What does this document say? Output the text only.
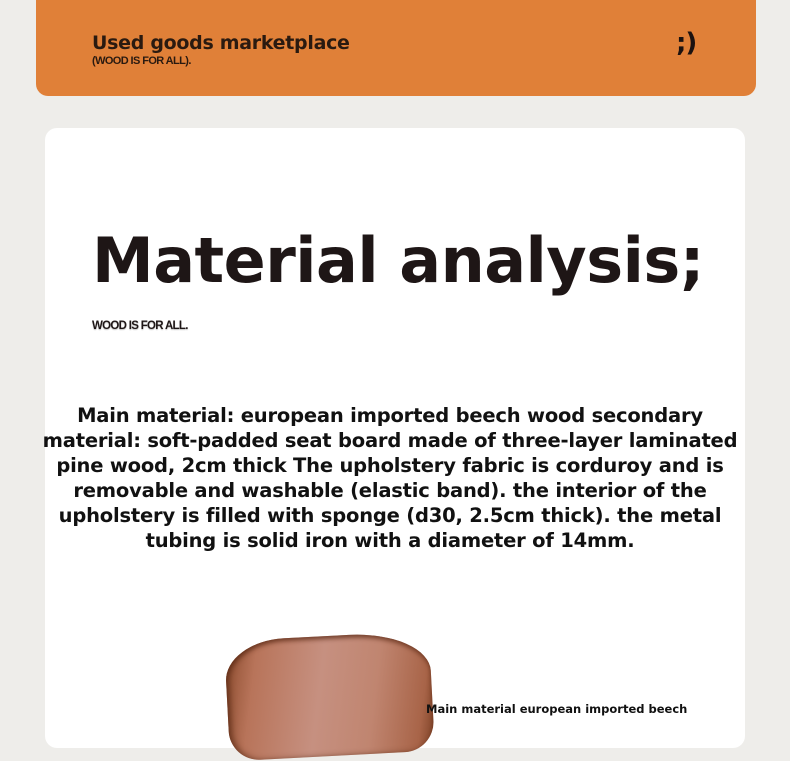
Used goods marketplace
(WOOD IS FOR ALL).
;)
Material analysis;
WOOD IS FOR ALL.
Main material: european imported beech wood secondary material: soft-padded seat board made of three-layer laminated pine wood, 2cm thick The upholstery fabric is corduroy and is removable and washable (elastic band). the interior of the upholstery is filled with sponge (d30, 2.5cm thick). the metal tubing is solid iron with a diameter of 14mm.
Main material european imported beech
